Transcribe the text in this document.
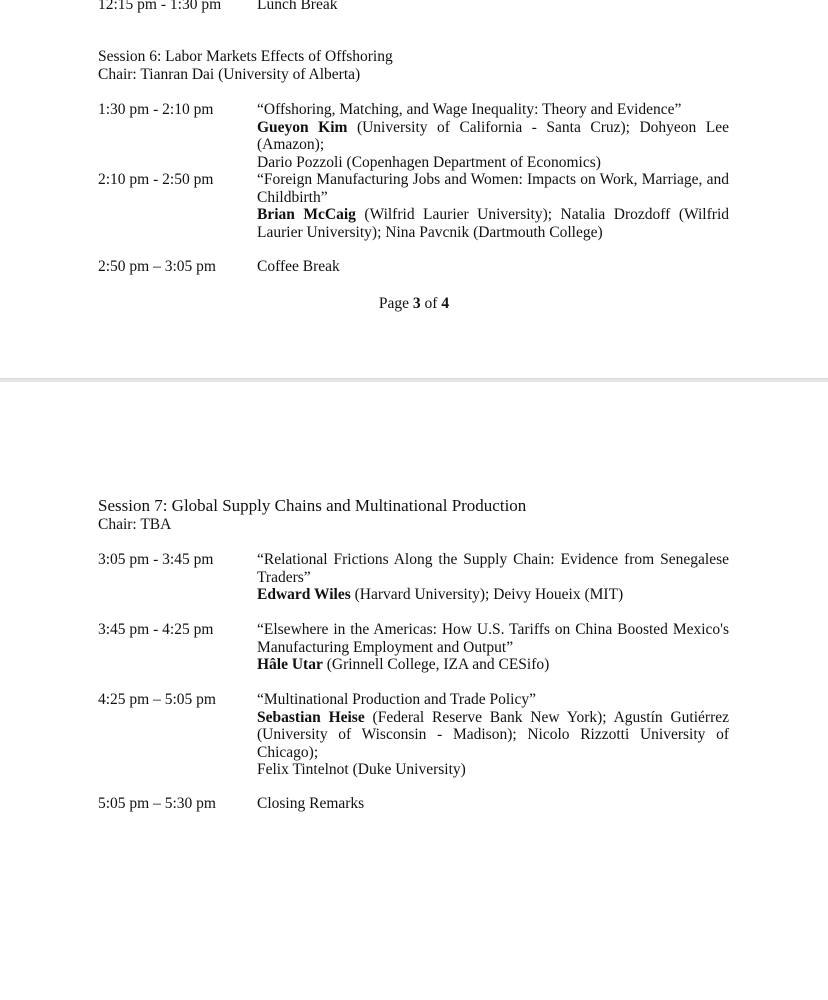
12:15 pm - 1:30 pm Lunch Break
Session 6: Labor Markets Effects of Offshoring
Chair: Tianran Dai (University of Alberta)
1:30 pm - 2:10 pm	“Offshoring, Matching, and Wage Inequality: Theory and Evidence”
Gueyon Kim (University of California - Santa Cruz); Dohyeon Lee (Amazon);
Dario Pozzoli (Copenhagen Department of Economics)
2:10 pm - 2:50 pm	“Foreign Manufacturing Jobs and Women: Impacts on Work, Marriage, and
Childbirth”
Brian McCaig (Wilfrid Laurier University); Natalia Drozdoff (Wilfrid
Laurier University); Nina Pavcnik (Dartmouth College)
2:50 pm – 3:05 pm	Coffee Break
Page 3 of 4
Session 7: Global Supply Chains and Multinational Production
Chair: TBA
3:05 pm - 3:45 pm	“Relational Frictions Along the Supply Chain: Evidence from Senegalese
Traders”
Edward Wiles (Harvard University); Deivy Houeix (MIT)
3:45 pm - 4:25 pm	“Elsewhere in the Americas: How U.S. Tariffs on China Boosted Mexico's
Manufacturing Employment and Output”
Hâle Utar (Grinnell College, IZA and CESifo)
4:25 pm – 5:05 pm	“Multinational Production and Trade Policy”
Sebastian Heise (Federal Reserve Bank New York); Agustín Gutiérrez
(University of Wisconsin - Madison); Nicolo Rizzotti University of Chicago);
Felix Tintelnot (Duke University)
5:05 pm – 5:30 pm	Closing Remarks
